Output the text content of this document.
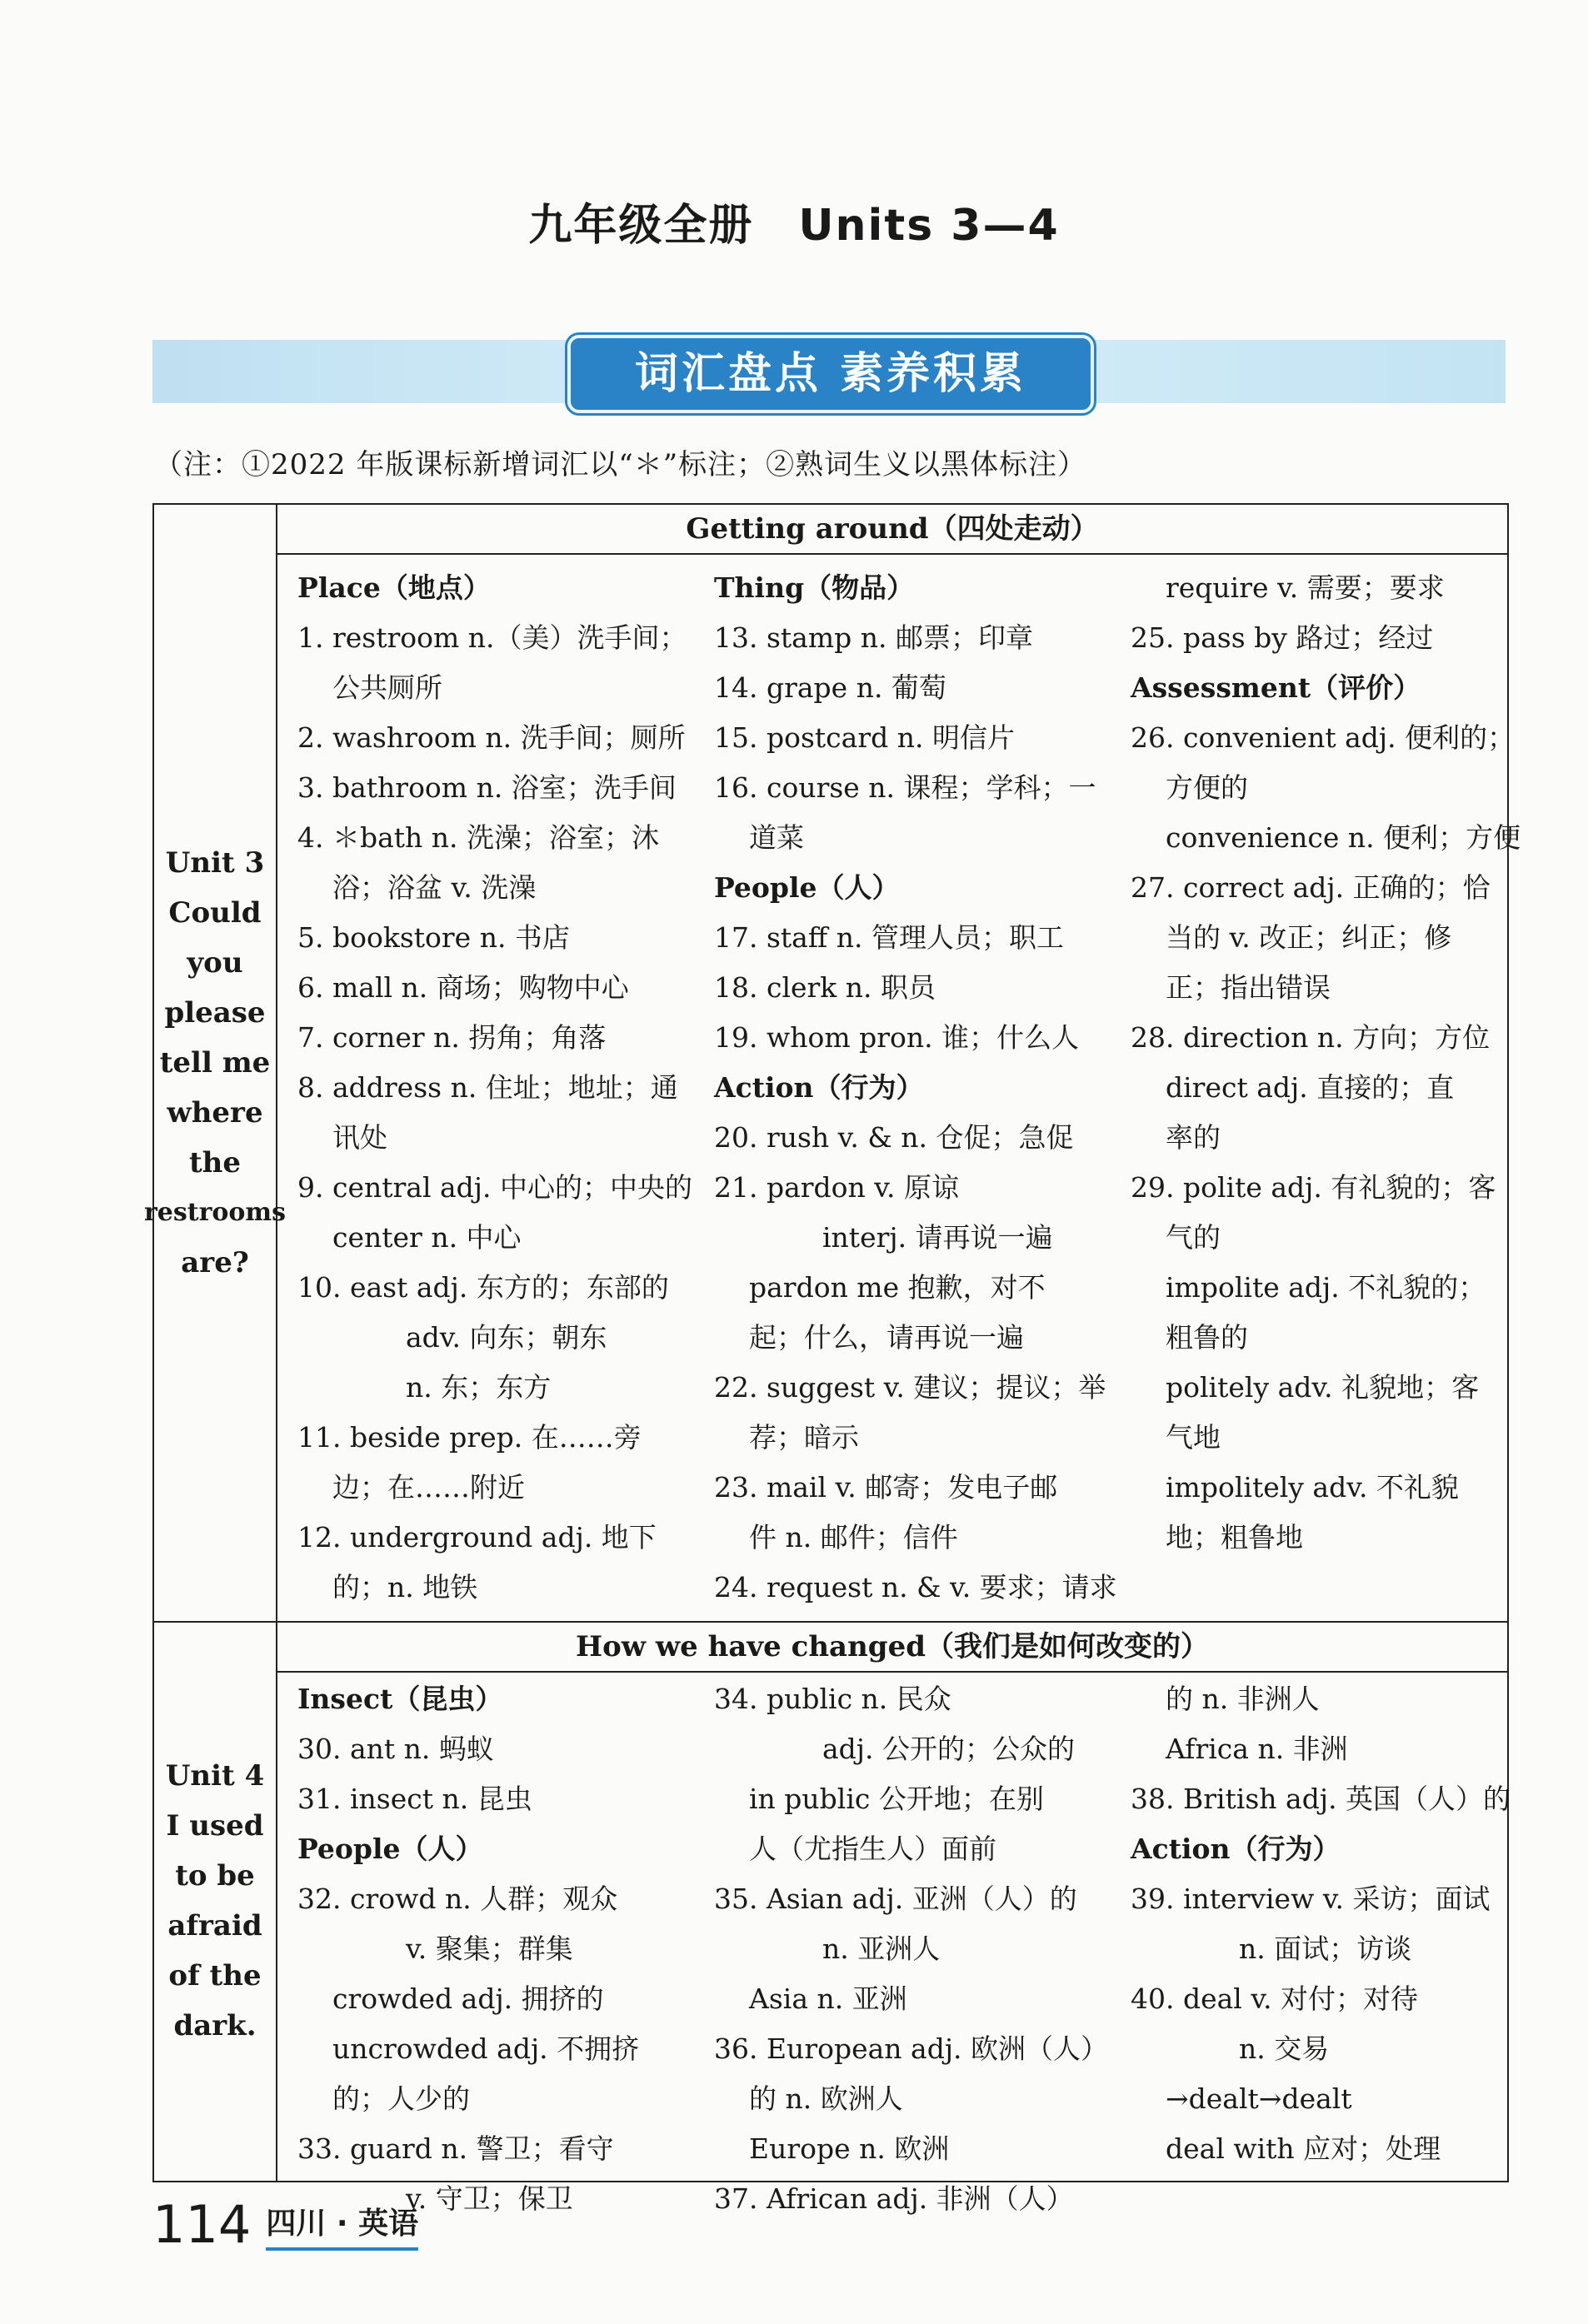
九年级全册　Units 3—4
词汇盘点 素养积累
（注：①2022 年版课标新增词汇以“＊”标注；②熟词生义以黑体标注）
Unit 3
Could
you
please
tell me
where
the
restrooms
are?
Getting around（四处走动）
Place（地点）
1. restroom n.（美）洗手间；
公共厕所
2. washroom n. 洗手间；厕所
3. bathroom n. 浴室；洗手间
4. ＊bath n. 洗澡；浴室；沐
浴；浴盆 v. 洗澡
5. bookstore n. 书店
6. mall n. 商场；购物中心
7. corner n. 拐角；角落
8. address n. 住址；地址；通
讯处
9. central adj. 中心的；中央的
center n. 中心
10. east adj. 东方的；东部的
adv. 向东；朝东
n. 东；东方
11. beside prep. 在……旁
边；在……附近
12. underground adj. 地下
的；n. 地铁
Thing（物品）
13. stamp n. 邮票；印章
14. grape n. 葡萄
15. postcard n. 明信片
16. course n. 课程；学科；一
道菜
People（人）
17. staff n. 管理人员；职工
18. clerk n. 职员
19. whom pron. 谁；什么人
Action（行为）
20. rush v. & n. 仓促；急促
21. pardon v. 原谅
interj. 请再说一遍
pardon me 抱歉，对不
起；什么，请再说一遍
22. suggest v. 建议；提议；举
荐；暗示
23. mail v. 邮寄；发电子邮
件 n. 邮件；信件
24. request n. & v. 要求；请求
require v. 需要；要求
25. pass by 路过；经过
Assessment（评价）
26. convenient adj. 便利的；
方便的
convenience n. 便利；方便
27. correct adj. 正确的；恰
当的 v. 改正；纠正；修
正；指出错误
28. direction n. 方向；方位
direct adj. 直接的；直
率的
29. polite adj. 有礼貌的；客
气的
impolite adj. 不礼貌的；
粗鲁的
politely adv. 礼貌地；客
气地
impolitely adv. 不礼貌
地；粗鲁地
Unit 4
I used
to be
afraid
of the
dark.
How we have changed（我们是如何改变的）
Insect（昆虫）
30. ant n. 蚂蚁
31. insect n. 昆虫
People（人）
32. crowd n. 人群；观众
v. 聚集；群集
crowded adj. 拥挤的
uncrowded adj. 不拥挤
的；人少的
33. guard n. 警卫；看守
v. 守卫；保卫
34. public n. 民众
adj. 公开的；公众的
in public 公开地；在别
人（尤指生人）面前
35. Asian adj. 亚洲（人）的
n. 亚洲人
Asia n. 亚洲
36. European adj. 欧洲（人）
的 n. 欧洲人
Europe n. 欧洲
37. African adj. 非洲（人）
的 n. 非洲人
Africa n. 非洲
38. British adj. 英国（人）的
Action（行为）
39. interview v. 采访；面试
n. 面试；访谈
40. deal v. 对付；对待
n. 交易
→dealt→dealt
deal with 应对；处理
114 四川 · 英语
